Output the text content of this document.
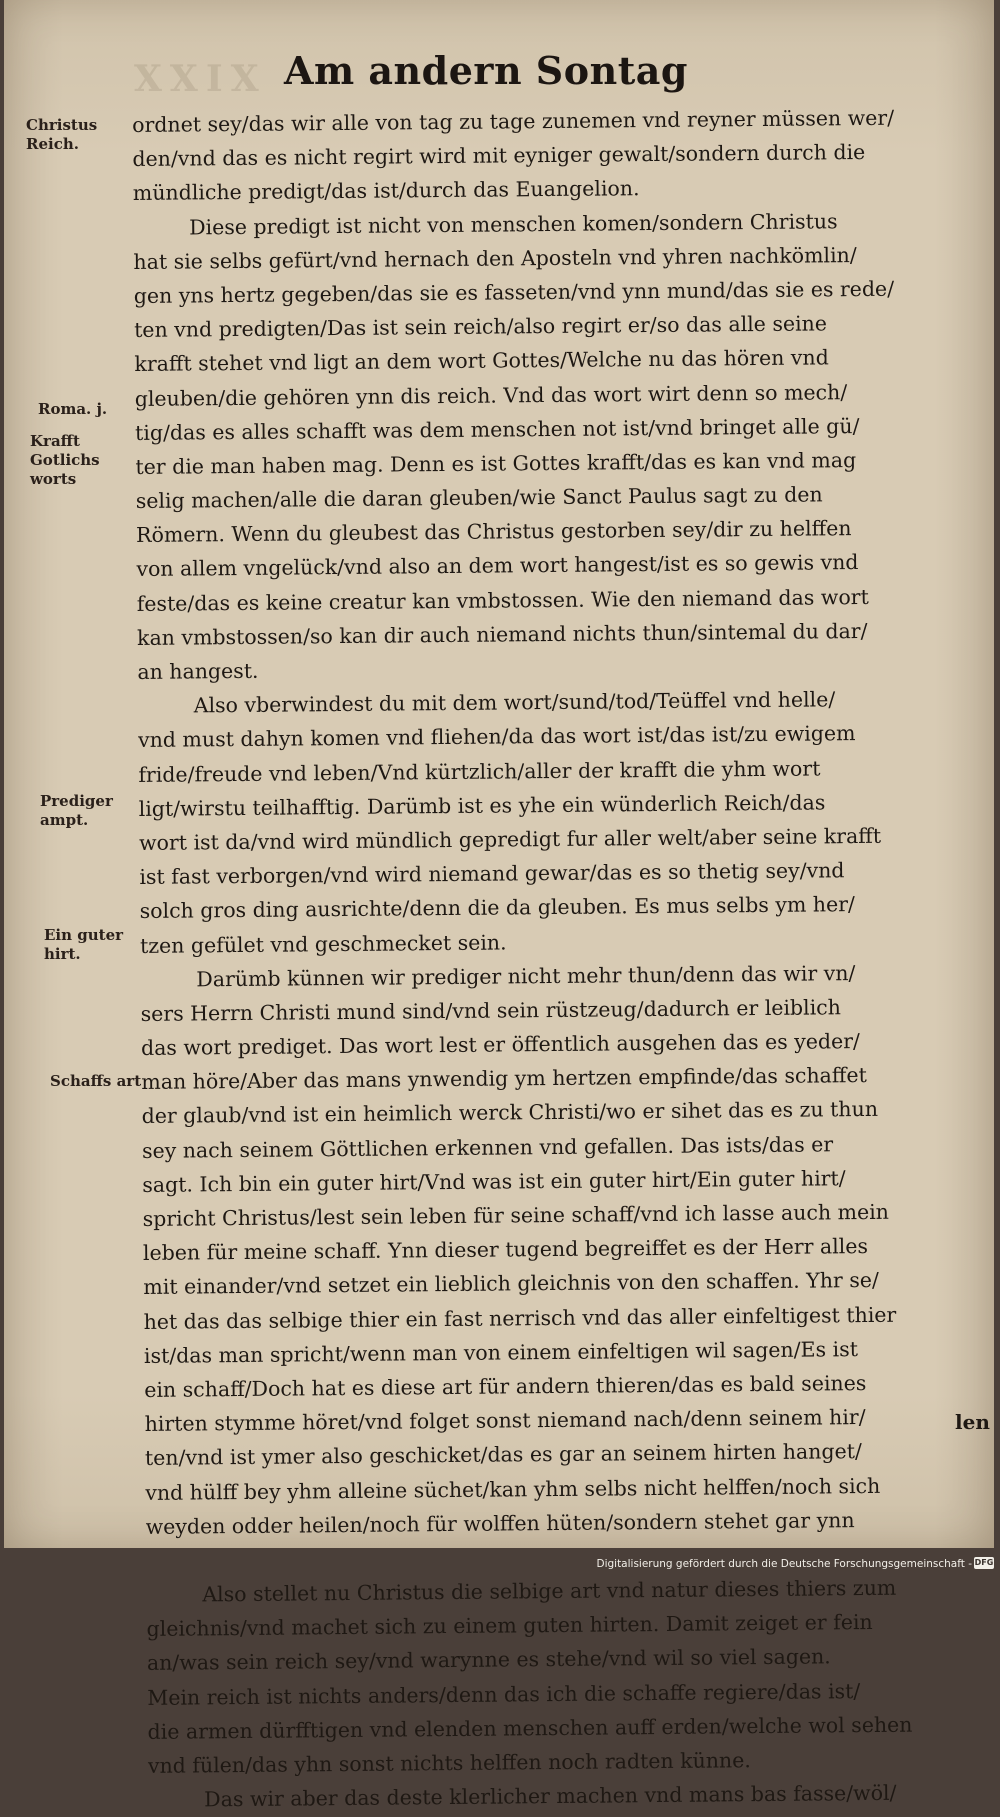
XXIX Am andern Sontag
Christus Reich.
Roma. j.
Krafft Gotlichs worts
Prediger ampt.
Ein guter hirt.
Schaffs art
ordnet sey/das wir alle von tag zu tage zunemen vnd reyner müssen wer/
den/vnd das es nicht regirt wird mit eyniger gewalt/sondern durch die
mündliche predigt/das ist/durch das Euangelion.
Diese predigt ist nicht von menschen komen/sondern Christus
hat sie selbs gefürt/vnd hernach den Aposteln vnd yhren nachkömlin/
gen yns hertz gegeben/das sie es fasseten/vnd ynn mund/das sie es rede/
ten vnd predigten/Das ist sein reich/also regirt er/so das alle seine
krafft stehet vnd ligt an dem wort Gottes/Welche nu das hören vnd
gleuben/die gehören ynn dis reich. Vnd das wort wirt denn so mech/
tig/das es alles schafft was dem menschen not ist/vnd bringet alle gü/
ter die man haben mag. Denn es ist Gottes krafft/das es kan vnd mag
selig machen/alle die daran gleuben/wie Sanct Paulus sagt zu den
Römern. Wenn du gleubest das Christus gestorben sey/dir zu helffen
von allem vngelück/vnd also an dem wort hangest/ist es so gewis vnd
feste/das es keine creatur kan vmbstossen. Wie den niemand das wort
kan vmbstossen/so kan dir auch niemand nichts thun/sintemal du dar/
an hangest.
Also vberwindest du mit dem wort/sund/tod/Teüffel vnd helle/
vnd must dahyn komen vnd fliehen/da das wort ist/das ist/zu ewigem
fride/freude vnd leben/Vnd kürtzlich/aller der krafft die yhm wort
ligt/wirstu teilhafftig. Darümb ist es yhe ein wünderlich Reich/das
wort ist da/vnd wird mündlich gepredigt fur aller welt/aber seine krafft
ist fast verborgen/vnd wird niemand gewar/das es so thetig sey/vnd
solch gros ding ausrichte/denn die da gleuben. Es mus selbs ym her/
tzen gefület vnd geschmecket sein.
Darümb künnen wir prediger nicht mehr thun/denn das wir vn/
sers Herrn Christi mund sind/vnd sein rüstzeug/dadurch er leiblich
das wort prediget. Das wort lest er öffentlich ausgehen das es yeder/
man höre/Aber das mans ynwendig ym hertzen empfinde/das schaffet
der glaub/vnd ist ein heimlich werck Christi/wo er sihet das es zu thun
sey nach seinem Göttlichen erkennen vnd gefallen. Das ists/das er
sagt. Ich bin ein guter hirt/Vnd was ist ein guter hirt/Ein guter hirt/
spricht Christus/lest sein leben für seine schaff/vnd ich lasse auch mein
leben für meine schaff. Ynn dieser tugend begreiffet es der Herr alles
mit einander/vnd setzet ein lieblich gleichnis von den schaffen. Yhr se/
het das das selbige thier ein fast nerrisch vnd das aller einfeltigest thier
ist/das man spricht/wenn man von einem einfeltigen wil sagen/Es ist
ein schaff/Doch hat es diese art für andern thieren/das es bald seines
hirten stymme höret/vnd folget sonst niemand nach/denn seinem hir/
ten/vnd ist ymer also geschicket/das es gar an seinem hirten hanget/
vnd hülff bey yhm alleine süchet/kan yhm selbs nicht helffen/noch sich
weyden odder heilen/noch für wolffen hüten/sondern stehet gar ynn
Also stellet nu Christus die selbige art vnd natur dieses thiers zum
gleichnis/vnd machet sich zu einem guten hirten. Damit zeiget er fein
an/was sein reich sey/vnd warynne es stehe/vnd wil so viel sagen.
Mein reich ist nichts anders/denn das ich die schaffe regiere/das ist/
die armen dürfftigen vnd elenden menschen auff erden/welche wol sehen
vnd fülen/das yhn sonst nichts helffen noch radten künne.
Das wir aber das deste klerlicher machen vnd mans bas fasse/wöl/
len
Digitalisierung gefördert durch die Deutsche Forschungsgemeinschaft - DFG
